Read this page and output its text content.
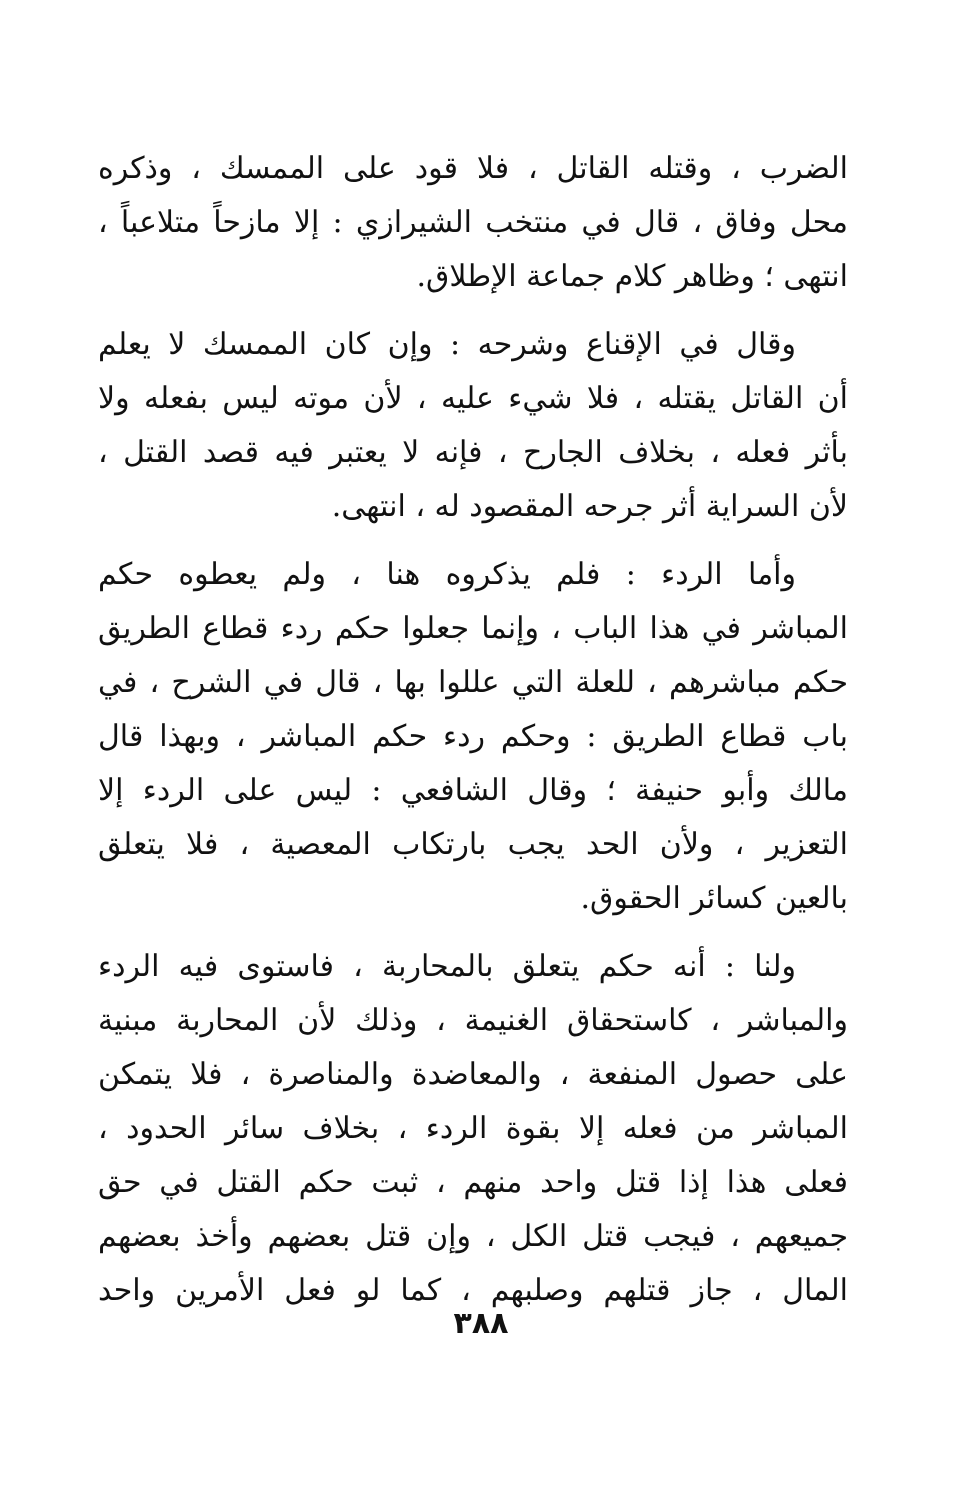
الضرب ، وقتله القاتل ، فلا قود على الممسك ، وذكره
محل وفاق ، قال في منتخب الشيرازي : إلا مازحاً متلاعباً ،
انتهى ؛ وظاهر كلام جماعة الإطلاق.
وقال في الإقناع وشرحه : وإن كان الممسك لا يعلم
أن القاتل يقتله ، فلا شيء عليه ، لأن موته ليس بفعله ولا
بأثر فعله ، بخلاف الجارح ، فإنه لا يعتبر فيه قصد القتل ،
لأن السراية أثر جرحه المقصود له ، انتهى.
وأما الردء : فلم يذكروه هنا ، ولم يعطوه حكم
المباشر في هذا الباب ، وإنما جعلوا حكم ردء قطاع الطريق
حكم مباشرهم ، للعلة التي عللوا بها ، قال في الشرح ، في
باب قطاع الطريق : وحكم ردء حكم المباشر ، وبهذا قال
مالك وأبو حنيفة ؛ وقال الشافعي : ليس على الردء إلا
التعزير ، ولأن الحد يجب بارتكاب المعصية ، فلا يتعلق
بالعين كسائر الحقوق.
ولنا : أنه حكم يتعلق بالمحاربة ، فاستوى فيه الردء
والمباشر ، كاستحقاق الغنيمة ، وذلك لأن المحاربة مبنية
على حصول المنفعة ، والمعاضدة والمناصرة ، فلا يتمكن
المباشر من فعله إلا بقوة الردء ، بخلاف سائر الحدود ،
فعلى هذا إذا قتل واحد منهم ، ثبت حكم القتل في حق
جميعهم ، فيجب قتل الكل ، وإن قتل بعضهم وأخذ بعضهم
المال ، جاز قتلهم وصلبهم ، كما لو فعل الأمرين واحد
٣٨٨
